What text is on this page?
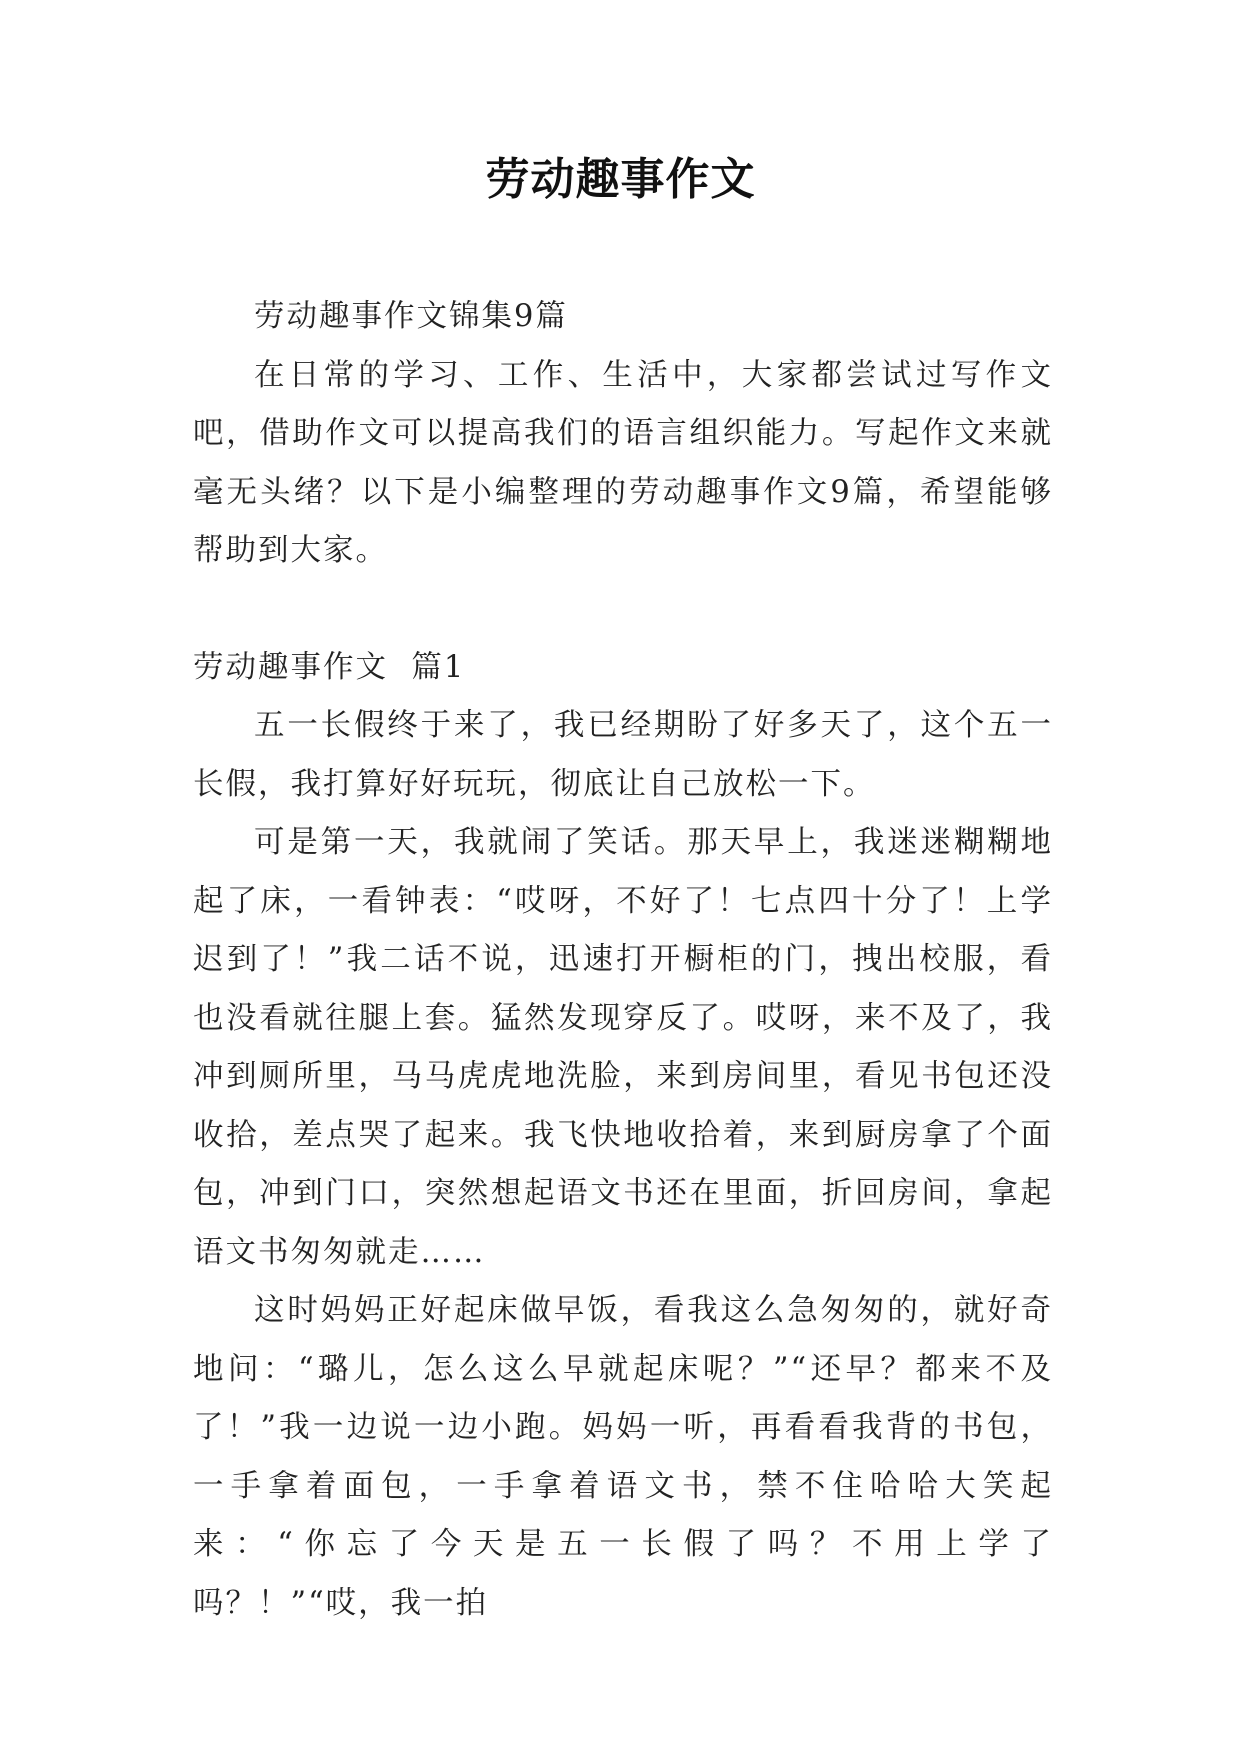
劳动趣事作文

劳动趣事作文锦集9篇

在日常的学习、工作、生活中，大家都尝试过写作文吧，借助作文可以提高我们的语言组织能力。写起作文来就毫无头绪？以下是小编整理的劳动趣事作文9篇，希望能够帮助到大家。

劳动趣事作文  篇1

五一长假终于来了，我已经期盼了好多天了，这个五一长假，我打算好好玩玩，彻底让自己放松一下。

可是第一天，我就闹了笑话。那天早上，我迷迷糊糊地起了床，一看钟表：“哎呀，不好了！七点四十分了！上学迟到了！”我二话不说，迅速打开橱柜的门，拽出校服，看也没看就往腿上套。猛然发现穿反了。哎呀，来不及了，我冲到厕所里，马马虎虎地洗脸，来到房间里，看见书包还没收拾，差点哭了起来。我飞快地收拾着，来到厨房拿了个面包，冲到门口，突然想起语文书还在里面，折回房间，拿起语文书匆匆就走……

这时妈妈正好起床做早饭，看我这么急匆匆的，就好奇地问：“璐儿，怎么这么早就起床呢？”“还早？都来不及了！”我一边说一边小跑。妈妈一听，再看看我背的书包，一手拿着面包，一手拿着语文书，禁不住哈哈大笑起来：“你忘了今天是五一长假了吗？不用上学了吗？！”“哎，我一拍
